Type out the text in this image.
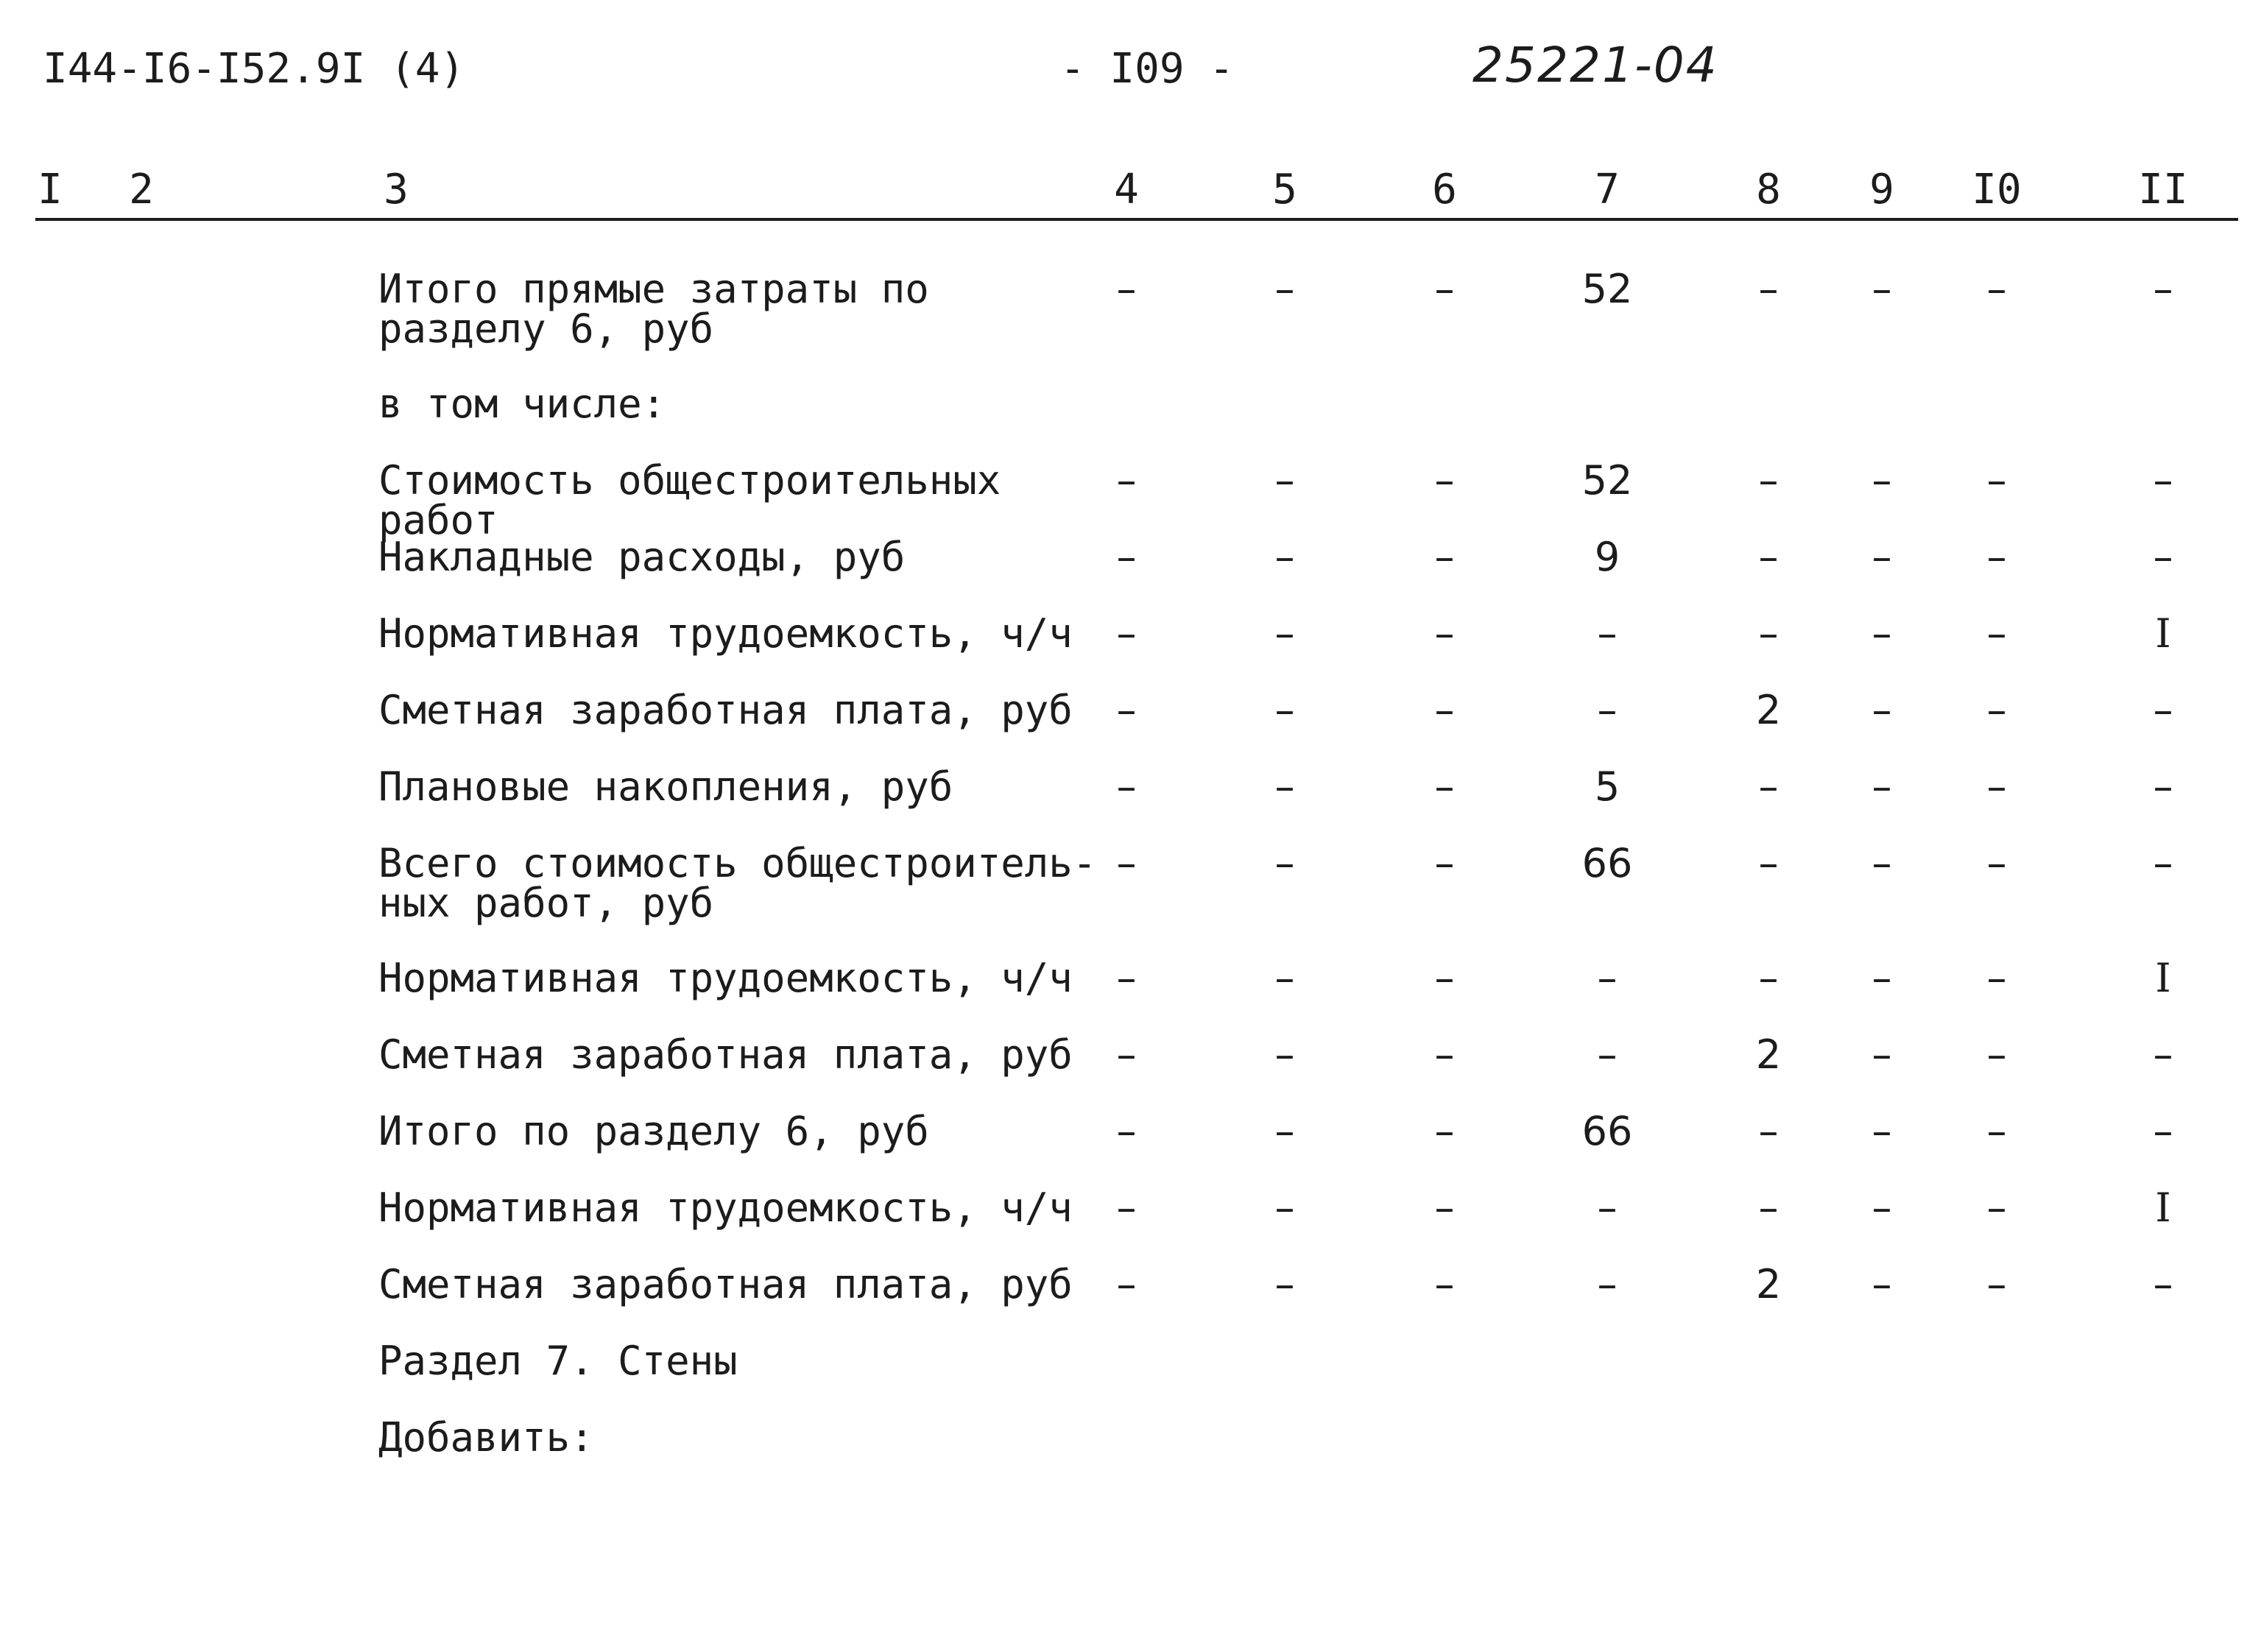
I44-I6-I52.9I (4)	- I09 -	25221-04
I 2	3	4	5	6	7	8 9 I0	II
Итого прямые затраты по
разделу 6, руб
–	–	–	52	– – –	–
в том числе:
Стоимость общестроительных работ
–	–	–	52	– – –	–
Накладные расходы, руб	–	–	–	9	– – –	–
Нормативная трудоемкость, ч/ч	–	–	–	–	– – –	I
Сметная заработная плата, руб	–	–	–	–	2 – –	–
Плановые накопления, руб	–	–	–	5	– – –	–
Всего стоимость общестроитель-
ных работ, руб
–	–	–	66	– – –	–
Нормативная трудоемкость, ч/ч	–	–	–	–	– – –	I
Сметная заработная плата, руб	–	–	–	–	2 – –	–
Итого по разделу 6, руб	–	–	–	66	– – –	–
Нормативная трудоемкость, ч/ч	–	–	–	–	– – –	I
Сметная заработная плата, руб	–	–	–	–	2 – –	–
Раздел 7. Стены
Добавить:
